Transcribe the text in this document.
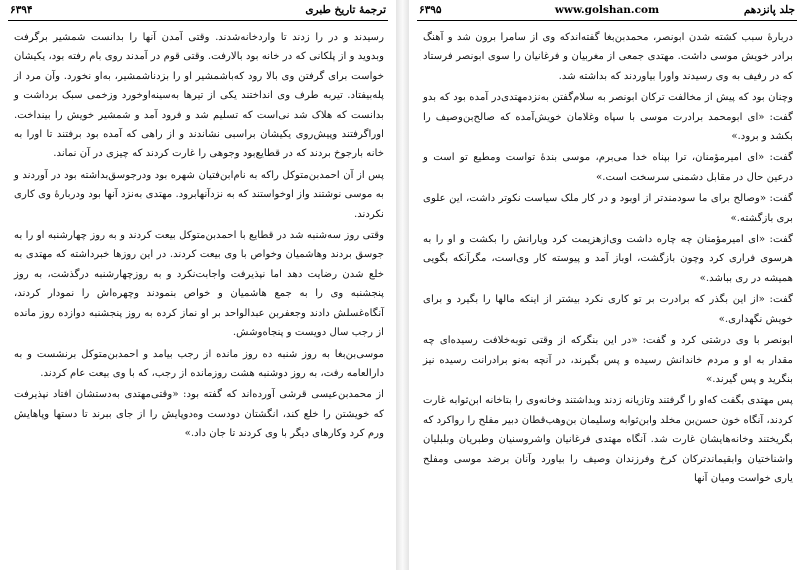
۶۳۹۴	ترجمهٔ تاریخ طبری

رسیدند و در را زدند تا واردخانه‌شدند. وقتی آمدن آنها را بدانست شمشیر برگرفت وبدوید و از پلکانی که در خانه بود بالارفت. وقتی قوم در آمدند روی بام رفته بود، یکیشان خواست برای گرفتن وی بالا رود که‌باشمشیر او را بزد‌ناشمشیر، به‌او نخورد. وآن مرد از پله‌بیفتاد. تیربه طرف وی انداختند یکی از تیرها به‌سینه‌ا‌وخورد وزخمی سبک برداشت و بدانست که هلاک شد نی‌است که تسلیم شد و فرود آمد و شمشیر خویش را بینداخت. اوراگرفتند وپیش‌روی یکیشان براسبی نشاندند و از راهی که آمده بود برفتند تا اورا به خانه بارجوخ بردند که در قطایع‌بود وجوهی را غارت کردند که چیزی در آن نماند.

پس از آن احمدبن‌متوکل راکه به نام‌ابن‌فتیان شهره بود ودرجوسق‌بداشته بود در آوردند و به موسی نوشتند واز اوخواستند که به نزدآنهابرود. مهتدی به‌نزد آنها بود ودربارهٔ وی کاری نکردند.

وقتی روز سه‌شنبه شد در قطایع با احمدبن‌متوکل بیعت کردند و به روز چهارشنبه او را به جوسق بردند وهاشمیان وخواص با وی بیعت کردند. در این روزها خبرداشته که مهتدی به خلع شدن رضایت دهد اما نپذیرفت واجابت‌نکرد و به روزچهارشنبه درگذشت، به روز پنجشنبه وی را به جمع هاشمیان و خواص بنمودند وچهره‌اش را نمودار کردند، آنگاه‌غسلش دادند وجعفربن عبدالواحد بر او نماز کرده به روز پنجشنبه دوازده روز مانده از رجب سال دویست و پنجاه‌و‌شش.

موسی‌بن‌بغا به روز شنبه ده روز مانده از رجب بیامد و احمدبن‌متوکل برنشست و به دارالعامه رفت، به روز دوشنبه هشت روزمانده از رجب، که با وی بیعت عام کردند.

از محمدبن‌عیسی قرشی آورده‌اند که گفته بود: «وقتی‌مهتدی به‌دستشان افتاد نپذیرفت که خویشتن را خلع کند، انگشتان دودست وه‌دوپایش را از جای ببرند تا دستها وپاهایش ورم کرد وکارهای دیگر با وی کردند تا جان داد.»

۶۳۹۵	www.golshan.com	جلد پانزدهم

دربارهٔ سبب کشته شدن ابونصر، محمدبن‌بغا گفته‌اندکه وی از سامرا برون شد و آهنگ برادر خویش موسی داشت. مهتدی جمعی از مغربیان و فرغانیان را سوی ابونصر فرستاد که در رفیف به وی رسیدند واورا بیاوردند که بداشته شد.

وچنان بود که پیش از مخالفت ترکان ابونصر به سلام‌گفتن به‌نزدمهتدی‌در آمده بود که بدو گفت: «ای ابومحمد برادرت موسی با سپاه وغلامان خویش‌آمده که صالح‌بن‌وصیف را بکشد و برود.»

گفت: «ای امیرمؤمنان، ترا بپناه خدا می‌برم، موسی بندهٔ تواست ومطیع تو است و درعین حال در مقابل دشمنی سرسخت است.»

گفت: «وصالح برای ما سودمندتر از اوبود و در کار ملک سیاست نکوتر داشت، این علوی بری بازگشته.»

گفت: «ای امیرمؤمنان چه چاره داشت وی‌ازهزیمت کرد ویارانش را بکشت و او را به هرسوی فراری کرد وچون بازگشت، اوباز آمد و پیوسته کار وی‌است، مگرآنکه بگویی همیشه در ری بباشد.»

گفت: «از این بگذر که برادرت بر تو کاری نکرد بیشتر از اینکه مالها را بگیرد و برای خویش نگهداری.»

ابونصر با وی درشتی کرد و گفت: «در این بنگرکه از وقتی توبه‌خلافت رسیده‌ای چه مقدار به او و مردم خاندانش رسیده و پس بگیرند، در آنچه به‌نو برادرانت رسیده نیز بنگرید و پس گیرند.»

پس مهتدی بگفت که‌او را گرفتند وتازیانه زدند وبداشتند وخانه‌وی را بتاخانه ابن‌ثوابه غارت کردند، آنگاه خون حسن‌بن مخلد وابن‌ثوابه وسلیمان بن‌وهب‌قطان دبیر مفلح را رواکرد که بگریختند وخانه‌هایشان غارت شد. آنگاه مهتدی فرغانیان واشروسنیان وطبریان وبلبلیان واشناختیان وابقیماندترکان کرخ وفرزندان وصیف را بیاورد وآنان برضد موسی ومفلح یاری خواست ومیان آنها
